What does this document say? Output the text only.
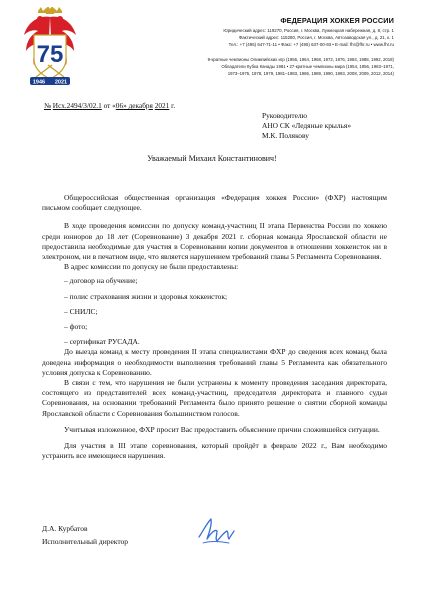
75
1946 2021
ФЕДЕРАЦИЯ ХОККЕЯ РОССИИ
Юридический адрес: 119270, Россия, г. Москва, Лужнецкая набережная, д. 8, стр. 1
Фактический адрес: 115280, Россия, г. Москва, Автозаводская ул., д. 21, к. 1
Тел.: +7 (495) 647-71-11 • Факс: +7 (495) 637-00-93 • E-mail: fhr@fhr.ru • www.fhr.ru
9-кратные чемпионы Олимпийских игр (1956, 1964, 1968, 1972, 1976, 1984, 1988, 1992, 2018)
Обладатели Кубка Канады 1981 • 27-кратные чемпионы мира (1954, 1956, 1963–1971,
1973–1975, 1978, 1979, 1981–1983, 1986, 1989, 1990, 1993, 2008, 2009, 2012, 2014)
№ Исх.2494/3/02.1 от «06» декабря 2021 г.
Руководителю
АНО СК «Ледяные крылья»
М.К. Полякову
Уважаемый Михаил Константинович!

Общероссийская общественная организация «Федерация хоккея России» (ФХР) настоящим письмом сообщает следующее.

В ходе проведения комиссии по допуску команд-участниц II этапа Первенства России по хоккею среди юниоров до 18 лет (Соревнование) 3 декабря 2021 г. сборная команда Ярославской области не предоставила необходимые для участия в Соревновании копии документов в отношении хоккеисток ни в электроном, ни в печатном виде, что является нарушением требований главы 5 Регламента Соревнования.

В адрес комиссии по допуску не были предоставлены:

– договор на обучение;

– полис страхования жизни и здоровья хоккеисток;

– СНИЛС;

– фото;

– сертификат РУСАДА.

До выезда команд к месту проведения II этапа специалистами ФХР до сведения всех команд была доведена информация о необходимости выполнения требований главы 5 Регламента как обязательного условия допуска к Соревнованию.

В связи с тем, что нарушения не были устранены к моменту проведения заседания директората, состоящего из представителей всех команд-участниц, председателя директората и главного судьи Соревнования, на основании требований Регламента было принято решение о снятии сборной команды Ярославской области с Соревнования большинством голосов.

Учитывая изложенное, ФХР просит Вас предоставить объяснение причин сложившейся ситуации.

Для участия в III этапе соревнования, который пройдёт в феврале 2022 г., Вам необходимо устранить все имеющиеся нарушения.

Д.А. Курбатов
Исполнительный директор
